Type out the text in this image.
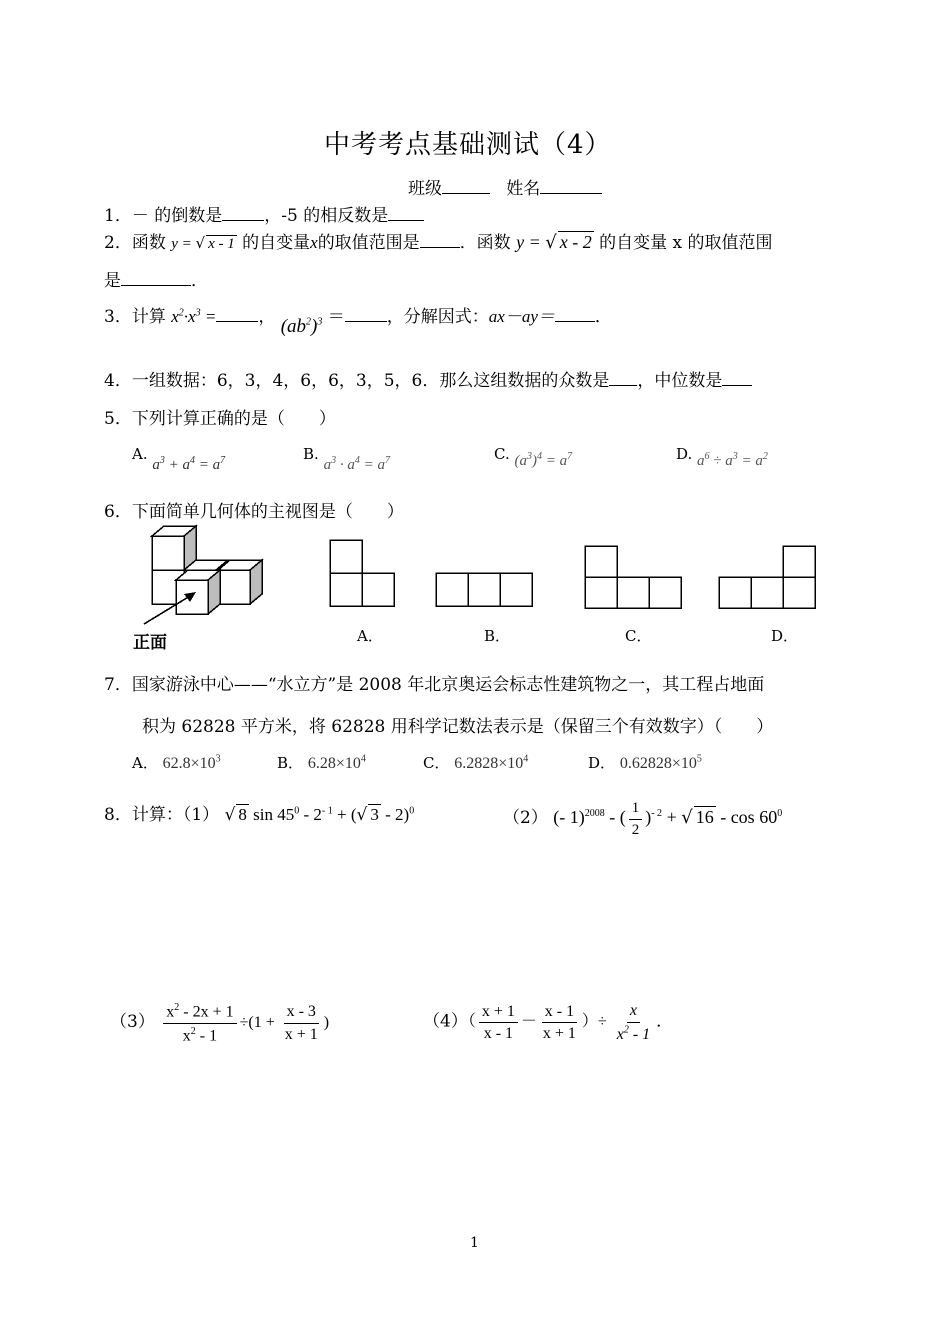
中考考点基础测试（4）
班级	姓名
1．－ 的倒数是 ，-5 的相反数是
2．函数 y = √ x - 1 的自变量x的取值范围是 ．函数 y = √ x - 2 的自变量 x 的取值范围
是	．
3．计算 $x^2\cdot x^3$ = ， $(ab^2)^3$ ＝ ，分解因式：ax－ay＝ ．
4．一组数据：6，3，4，6，6，3，5，6．那么这组数据的众数是 ，中位数是
5．下列计算正确的是（　　）
A. $a^3 + a^4 = a^7$	B. $a^3 \cdot a^4 = a^7$	C. $(a^3)^4 = a^7$	D. $a^6 \div a^3 = a^2$
6．下面简单几何体的主视图是（　　）
正面	A．	B．	C．	D．
7．国家游泳中心——“水立方”是 2008 年北京奥运会标志性建筑物之一，其工程占地面
积为 62828 平方米，将 62828 用科学记数法表示是（保留三个有效数字）（　　）
A． $62.8\times 10^3$	B． $6.28\times 10^4$	C． $6.2828\times 10^4$	D． $0.62828\times 10^5$
8．计算：（1） √ 8 $\sin 45^0 - 2^{- 1}$ + (√ 3 - 2)$^0$	（2） (- 1)$^{2008}$ - ( $\frac{1}{2} )^{- 2}$ + √ $16 - \cos 60^0$
$(3) \frac{x^2 - 2x + 1}{x^2 - 1} \div(1 + \frac{x - 3}{x + 1}$ )	$(4)( \frac{x + 1}{x - 1} - \frac{x - 1}{x + 1}$ ）÷ $\frac{x}{x^2 - 1}$ ．
1
